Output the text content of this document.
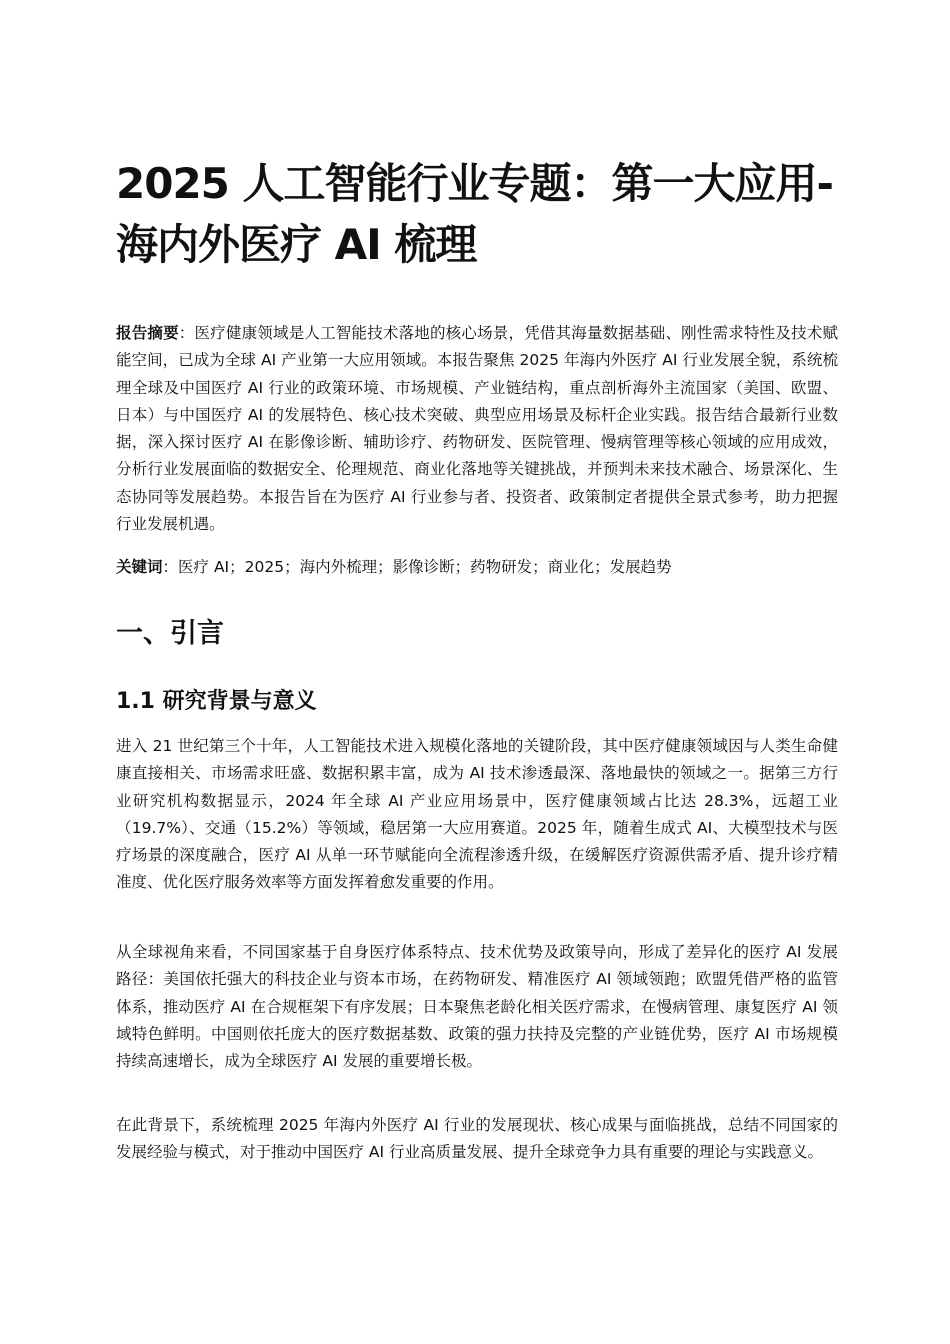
2025 人工智能行业专题：第一大应用-海内外医疗 AI 梳理

报告摘要：医疗健康领域是人工智能技术落地的核心场景，凭借其海量数据基础、刚性需求特性及技术赋能空间，已成为全球 AI 产业第一大应用领域。本报告聚焦 2025 年海内外医疗 AI 行业发展全貌，系统梳理全球及中国医疗 AI 行业的政策环境、市场规模、产业链结构，重点剖析海外主流国家（美国、欧盟、日本）与中国医疗 AI 的发展特色、核心技术突破、典型应用场景及标杆企业实践。报告结合最新行业数据，深入探讨医疗 AI 在影像诊断、辅助诊疗、药物研发、医院管理、慢病管理等核心领域的应用成效，分析行业发展面临的数据安全、伦理规范、商业化落地等关键挑战，并预判未来技术融合、场景深化、生态协同等发展趋势。本报告旨在为医疗 AI 行业参与者、投资者、政策制定者提供全景式参考，助力把握行业发展机遇。

关键词：医疗 AI；2025；海内外梳理；影像诊断；药物研发；商业化；发展趋势

一、引言
1.1 研究背景与意义

进入 21 世纪第三个十年，人工智能技术进入规模化落地的关键阶段，其中医疗健康领域因与人类生命健康直接相关、市场需求旺盛、数据积累丰富，成为 AI 技术渗透最深、落地最快的领域之一。据第三方行业研究机构数据显示，2024 年全球 AI 产业应用场景中，医疗健康领域占比达 28.3%，远超工业（19.7%）、交通（15.2%）等领域，稳居第一大应用赛道。2025 年，随着生成式 AI、大模型技术与医疗场景的深度融合，医疗 AI 从单一环节赋能向全流程渗透升级，在缓解医疗资源供需矛盾、提升诊疗精准度、优化医疗服务效率等方面发挥着愈发重要的作用。

从全球视角来看，不同国家基于自身医疗体系特点、技术优势及政策导向，形成了差异化的医疗 AI 发展路径：美国依托强大的科技企业与资本市场，在药物研发、精准医疗 AI 领域领跑；欧盟凭借严格的监管体系，推动医疗 AI 在合规框架下有序发展；日本聚焦老龄化相关医疗需求，在慢病管理、康复医疗 AI 领域特色鲜明。中国则依托庞大的医疗数据基数、政策的强力扶持及完整的产业链优势，医疗 AI 市场规模持续高速增长，成为全球医疗 AI 发展的重要增长极。

在此背景下，系统梳理 2025 年海内外医疗 AI 行业的发展现状、核心成果与面临挑战，总结不同国家的发展经验与模式，对于推动中国医疗 AI 行业高质量发展、提升全球竞争力具有重要的理论与实践意义。
